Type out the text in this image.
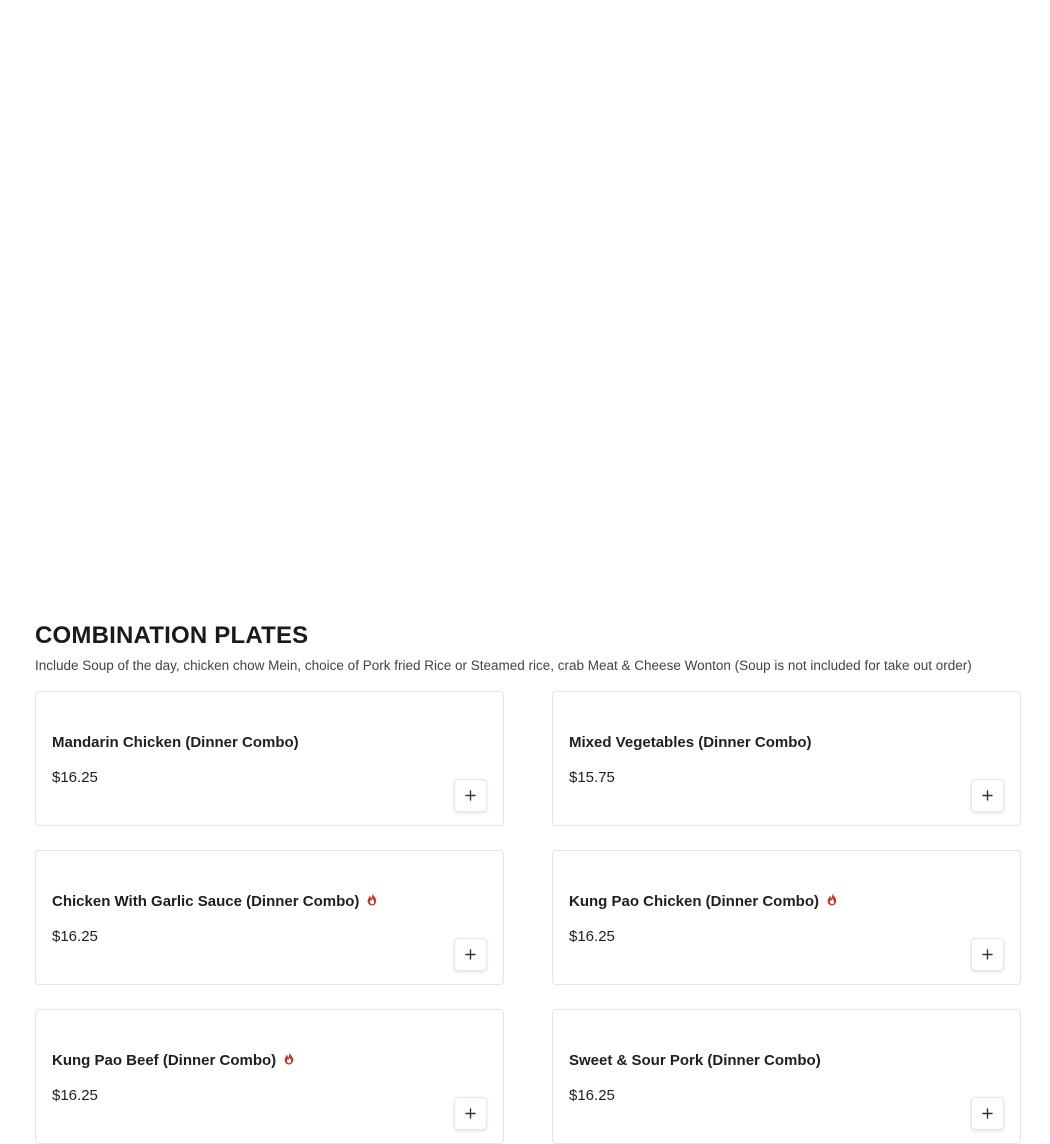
COMBINATION PLATES

Include Soup of the day, chicken chow Mein, choice of Pork fried Rice or Steamed rice, crab Meat & Cheese Wonton (Soup is not included for take out order)

Mandarin Chicken (Dinner Combo)
$16.25
Mixed Vegetables (Dinner Combo)
$15.75
Chicken With Garlic Sauce (Dinner Combo)
$16.25
Kung Pao Chicken (Dinner Combo)
$16.25
Kung Pao Beef (Dinner Combo)
$16.25
Sweet & Sour Pork (Dinner Combo)
$16.25
